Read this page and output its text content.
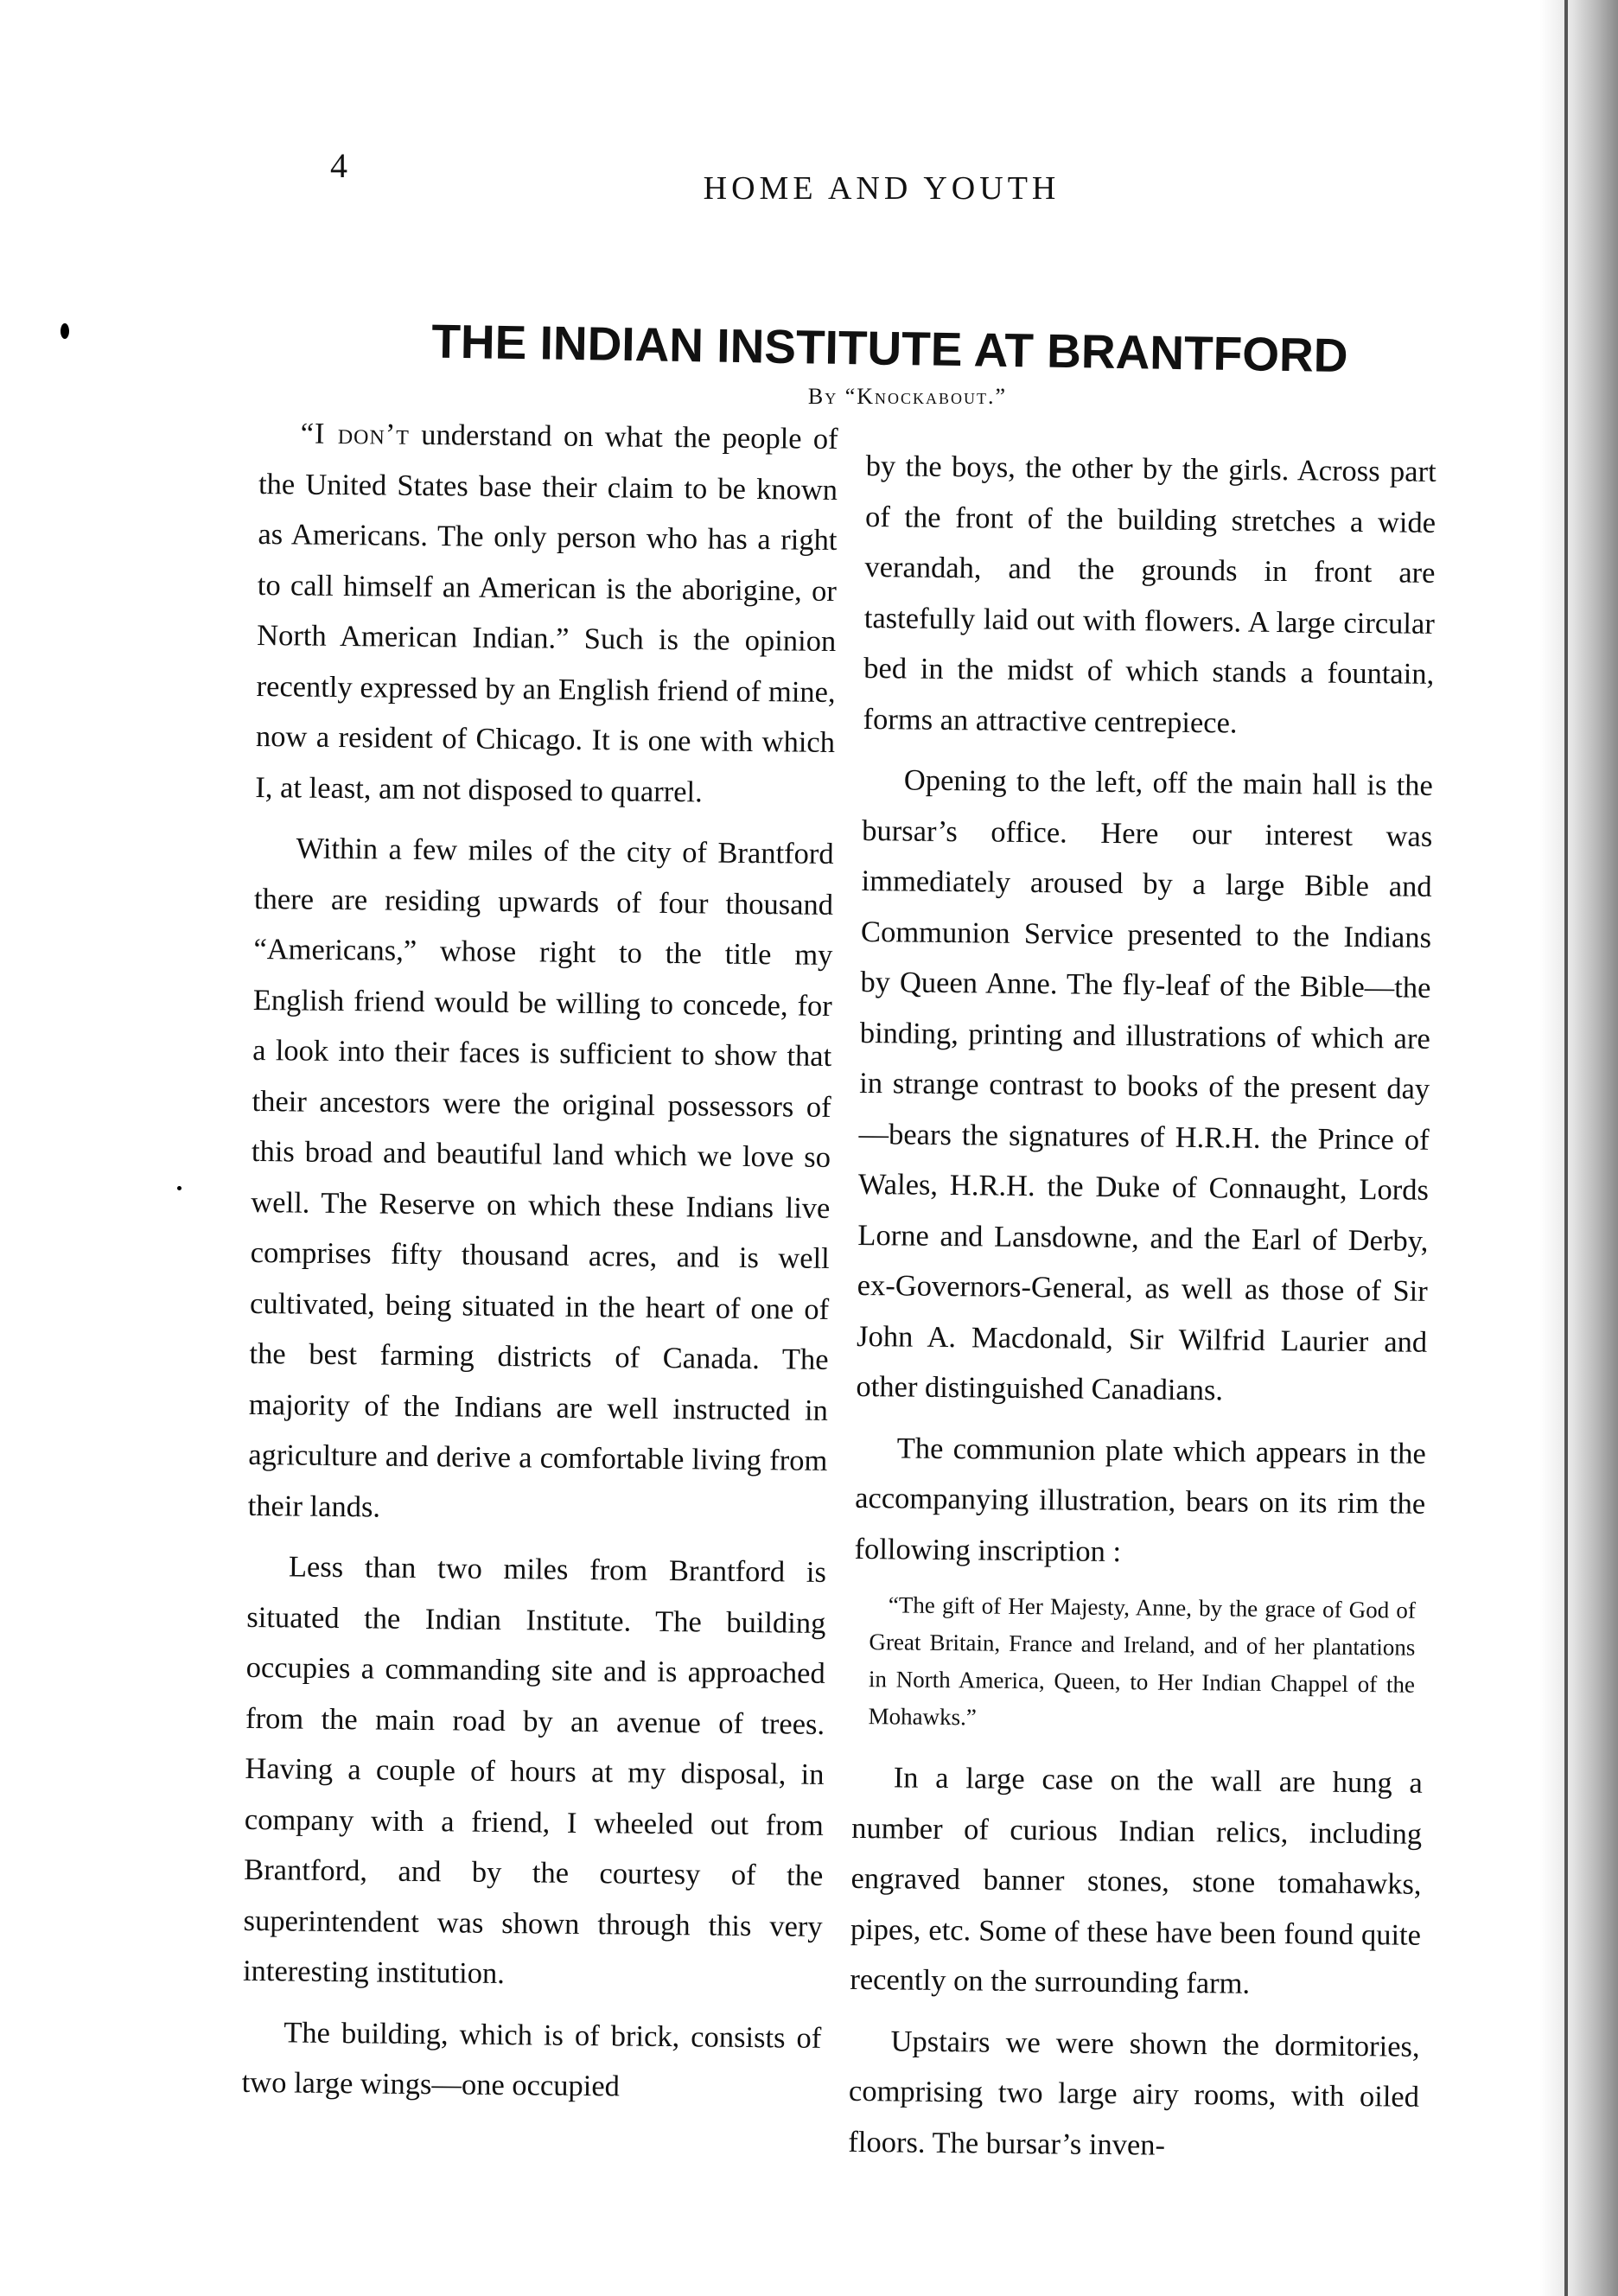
4
HOME AND YOUTH
THE INDIAN INSTITUTE AT BRANTFORD
By “Knockabout.”

“I don’t understand on what the people of the United States base their claim to be known as Americans. The only person who has a right to call himself an American is the aborigine, or North American Indian.” Such is the opinion recently expressed by an English friend of mine, now a resident of Chicago. It is one with which I, at least, am not disposed to quarrel.

Within a few miles of the city of Brantford there are residing upwards of four thousand “Americans,” whose right to the title my English friend would be willing to concede, for a look into their faces is sufficient to show that their ancestors were the original possessors of this broad and beautiful land which we love so well. The Reserve on which these Indians live comprises fifty thousand acres, and is well cultivated, being situated in the heart of one of the best farming districts of Canada. The majority of the Indians are well instructed in agriculture and derive a comfortable living from their lands.

Less than two miles from Brantford is situated the Indian Institute. The building occupies a commanding site and is approached from the main road by an avenue of trees. Having a couple of hours at my disposal, in company with a friend, I wheeled out from Brantford, and by the courtesy of the superintendent was shown through this very interesting institution.

The building, which is of brick, consists of two large wings—one occupied

by the boys, the other by the girls. Across part of the front of the building stretches a wide verandah, and the grounds in front are tastefully laid out with flowers. A large circular bed in the midst of which stands a fountain, forms an attractive centrepiece.

Opening to the left, off the main hall is the bursar’s office. Here our interest was immediately aroused by a large Bible and Communion Service presented to the Indians by Queen Anne. The fly-leaf of the Bible—the binding, printing and illustrations of which are in strange contrast to books of the present day—bears the signatures of H.R.H. the Prince of Wales, H.R.H. the Duke of Connaught, Lords Lorne and Lansdowne, and the Earl of Derby, ex-Governors-General, as well as those of Sir John A. Macdonald, Sir Wilfrid Laurier and other distinguished Canadians.

The communion plate which appears in the accompanying illustration, bears on its rim the following inscription :

“The gift of Her Majesty, Anne, by the grace of God of Great Britain, France and Ireland, and of her plantations in North America, Queen, to Her Indian Chappel of the Mohawks.”

In a large case on the wall are hung a number of curious Indian relics, including engraved banner stones, stone tomahawks, pipes, etc. Some of these have been found quite recently on the surrounding farm.

Upstairs we were shown the dormitories, comprising two large airy rooms, with oiled floors. The bursar’s inven-
